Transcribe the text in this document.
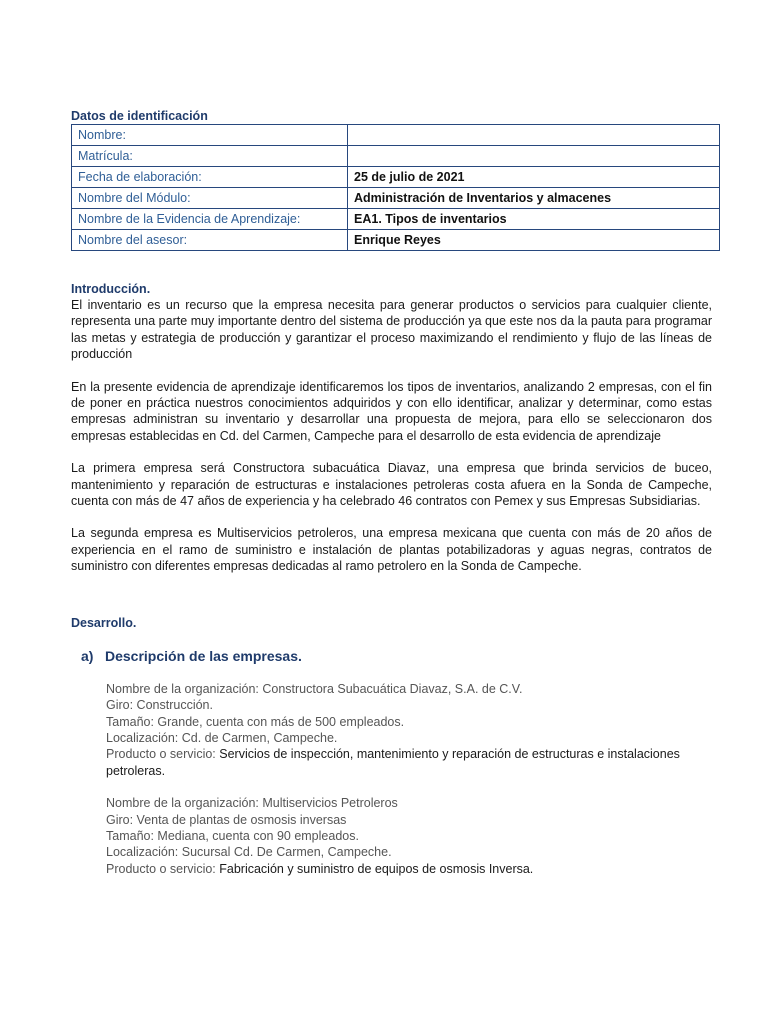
Datos de identificación
Nombre:	
Matrícula:	
Fecha de elaboración:	25 de julio de 2021
Nombre del Módulo:	Administración de Inventarios y almacenes
Nombre de la Evidencia de Aprendizaje:	EA1. Tipos de inventarios
Nombre del asesor:	Enrique Reyes
Introducción.

El inventario es un recurso que la empresa necesita para generar productos o servicios para cualquier cliente, representa una parte muy importante dentro del sistema de producción ya que este nos da la pauta para programar las metas y estrategia de producción y garantizar el proceso maximizando el rendimiento y flujo de las líneas de producción

En la presente evidencia de aprendizaje identificaremos los tipos de inventarios, analizando 2 empresas, con el fin de poner en práctica nuestros conocimientos adquiridos y con ello identificar, analizar y determinar, como estas empresas administran su inventario y desarrollar una propuesta de mejora, para ello se seleccionaron dos empresas establecidas en Cd. del Carmen, Campeche para el desarrollo de esta evidencia de aprendizaje

La primera empresa será Constructora subacuática Diavaz, una empresa que brinda servicios de buceo, mantenimiento y reparación de estructuras e instalaciones petroleras costa afuera en la Sonda de Campeche, cuenta con más de 47 años de experiencia y ha celebrado 46 contratos con Pemex y sus Empresas Subsidiarias.

La segunda empresa es Multiservicios petroleros, una empresa mexicana que cuenta con más de 20 años de experiencia en el ramo de suministro e instalación de plantas potabilizadoras y aguas negras, contratos de suministro con diferentes empresas dedicadas al ramo petrolero en la Sonda de Campeche.

Desarrollo.
a) Descripción de las empresas.
Nombre de la organización: Constructora Subacuática Diavaz, S.A. de C.V.
Giro: Construcción.
Tamaño: Grande, cuenta con más de 500 empleados.
Localización: Cd. de Carmen, Campeche.
Producto o servicio: Servicios de inspección, mantenimiento y reparación de estructuras e instalaciones petroleras.
Nombre de la organización: Multiservicios Petroleros
Giro: Venta de plantas de osmosis inversas
Tamaño: Mediana, cuenta con 90 empleados.
Localización: Sucursal Cd. De Carmen, Campeche.
Producto o servicio: Fabricación y suministro de equipos de osmosis Inversa.
